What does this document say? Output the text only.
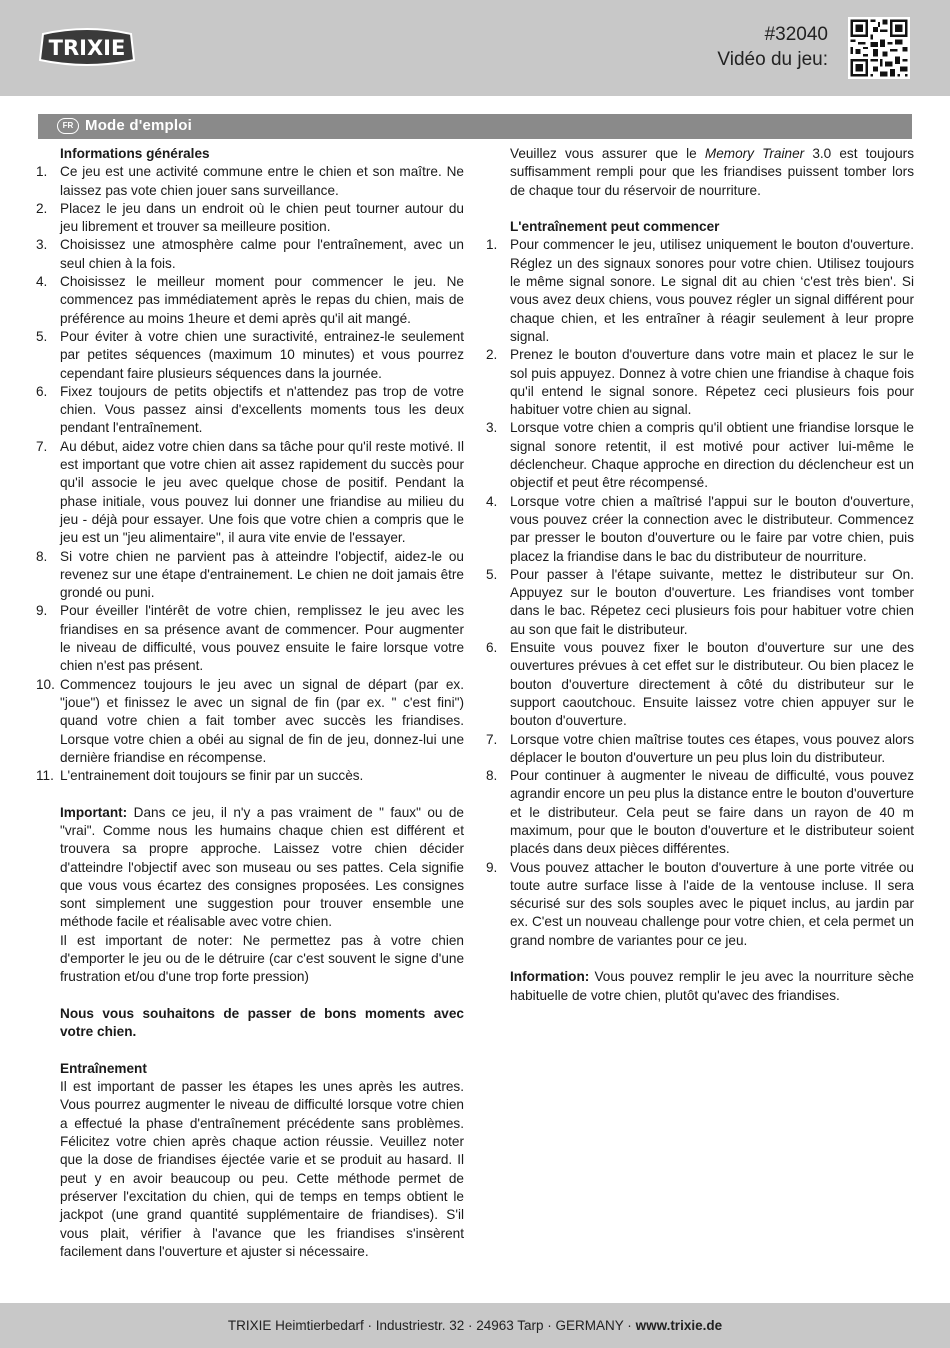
TRIXIE
#32040
Vidéo du jeu:
FR Mode d'emploi
Informations générales
1. Ce jeu est une activité commune entre le chien et son maître. Ne laissez pas vote chien jouer sans surveillance.
2. Placez le jeu dans un endroit où le chien peut tourner autour du jeu librement et trouver sa meilleure position.
3. Choisissez une atmosphère calme pour l'entraînement, avec un seul chien à la fois.
4. Choisissez le meilleur moment pour commencer le jeu. Ne commencez pas immédiatement après le repas du chien, mais de préférence au moins 1heure et demi après qu'il ait mangé.
5. Pour éviter à votre chien une suractivité, entrainez-le seulement par petites séquences (maximum 10 minutes) et vous pourrez cependant faire plusieurs séquences dans la journée.
6. Fixez toujours de petits objectifs et n'attendez pas trop de votre chien. Vous passez ainsi d'excellents moments tous les deux pendant l'entraînement.
7. Au début, aidez votre chien dans sa tâche pour qu'il reste motivé. Il est important que votre chien ait assez rapidement du succès pour qu'il associe le jeu avec quelque chose de positif. Pendant la phase initiale, vous pouvez lui donner une friandise au milieu du jeu - déjà pour essayer. Une fois que votre chien a compris que le jeu est un "jeu alimentaire", il aura vite envie de l'essayer.
8. Si votre chien ne parvient pas à atteindre l'objectif, aidez-le ou revenez sur une étape d'entrainement. Le chien ne doit jamais être grondé ou puni.
9. Pour éveiller l'intérêt de votre chien, remplissez le jeu avec les friandises en sa présence avant de commencer. Pour augmenter le niveau de difficulté, vous pouvez ensuite le faire lorsque votre chien n'est pas présent.
10. Commencez toujours le jeu avec un signal de départ (par ex. "joue") et finissez le avec un signal de fin (par ex. " c'est fini") quand votre chien a fait tomber avec succès les friandises. Lorsque votre chien a obéi au signal de fin de jeu, donnez-lui une dernière friandise en récompense.
11. L'entrainement doit toujours se finir par un succès.
Important: Dans ce jeu, il n'y a pas vraiment de " faux" ou de "vrai". Comme nous les humains chaque chien est différent et trouvera sa propre approche. Laissez votre chien décider d'atteindre l'objectif avec son museau ou ses pattes. Cela signifie que vous vous écartez des consignes proposées. Les consignes sont simplement une suggestion pour trouver ensemble une méthode facile et réalisable avec votre chien.
Il est important de noter: Ne permettez pas à votre chien d'emporter le jeu ou de le détruire (car c'est souvent le signe d'une frustration et/ou d'une trop forte pression)
Nous vous souhaitons de passer de bons moments avec votre chien.
Entraînement
Il est important de passer les étapes les unes après les autres. Vous pourrez augmenter le niveau de difficulté lorsque votre chien a effectué la phase d'entraînement précédente sans problèmes. Félicitez votre chien après chaque action réussie. Veuillez noter que la dose de friandises éjectée varie et se produit au hasard. Il peut y en avoir beaucoup ou peu. Cette méthode permet de préserver l'excitation du chien, qui de temps en temps obtient le jackpot (une grand quantité supplémentaire de friandises). S'il vous plait, vérifier à l'avance que les friandises s'insèrent facilement dans l'ouverture et ajuster si nécessaire.
Veuillez vous assurer que le Memory Trainer 3.0 est toujours suffisamment rempli pour que les friandises puissent tomber lors de chaque tour du réservoir de nourriture.
L'entraînement peut commencer
1. Pour commencer le jeu, utilisez uniquement le bouton d'ouverture. Réglez un des signaux sonores pour votre chien. Utilisez toujours le même signal sonore. Le signal dit au chien ‘c'est très bien'. Si vous avez deux chiens, vous pouvez régler un signal différent pour chaque chien, et les entraîner à réagir seulement à leur propre signal.
2. Prenez le bouton d'ouverture dans votre main et placez le sur le sol puis appuyez. Donnez à votre chien une friandise à chaque fois qu'il entend le signal sonore. Répetez ceci plusieurs fois pour habituer votre chien au signal.
3. Lorsque votre chien a compris qu'il obtient une friandise lorsque le signal sonore retentit, il est motivé pour activer lui-même le déclencheur. Chaque approche en direction du déclencheur est un objectif et peut être récompensé.
4. Lorsque votre chien a maîtrisé l'appui sur le bouton d'ouverture, vous pouvez créer la connection avec le distributeur. Commencez par presser le bouton d'ouverture ou le faire par votre chien, puis placez la friandise dans le bac du distributeur de nourriture.
5. Pour passer à l'étape suivante, mettez le distributeur sur On. Appuyez sur le bouton d'ouverture. Les friandises vont tomber dans le bac. Répetez ceci plusieurs fois pour habituer votre chien au son que fait le distributeur.
6. Ensuite vous pouvez fixer le bouton d'ouverture sur une des ouvertures prévues à cet effet sur le distributeur. Ou bien placez le bouton d'ouverture directement à côté du distributeur sur le support caoutchouc. Ensuite laissez votre chien appuyer sur le bouton d'ouverture.
7. Lorsque votre chien maîtrise toutes ces étapes, vous pouvez alors déplacer le bouton d'ouverture un peu plus loin du distributeur.
8. Pour continuer à augmenter le niveau de difficulté, vous pouvez agrandir encore un peu plus la distance entre le bouton d'ouverture et le distributeur. Cela peut se faire dans un rayon de 40 m maximum, pour que le bouton d'ouverture et le distributeur soient placés dans deux pièces différentes.
9. Vous pouvez attacher le bouton d'ouverture à une porte vitrée ou toute autre surface lisse à l'aide de la ventouse incluse. Il sera sécurisé sur des sols souples avec le piquet inclus, au jardin par ex. C'est un nouveau challenge pour votre chien, et cela permet un grand nombre de variantes pour ce jeu.
Information: Vous pouvez remplir le jeu avec la nourriture sèche habituelle de votre chien, plutôt qu'avec des friandises.
TRIXIE Heimtierbedarf · Industriestr. 32 · 24963 Tarp · GERMANY · www.trixie.de
